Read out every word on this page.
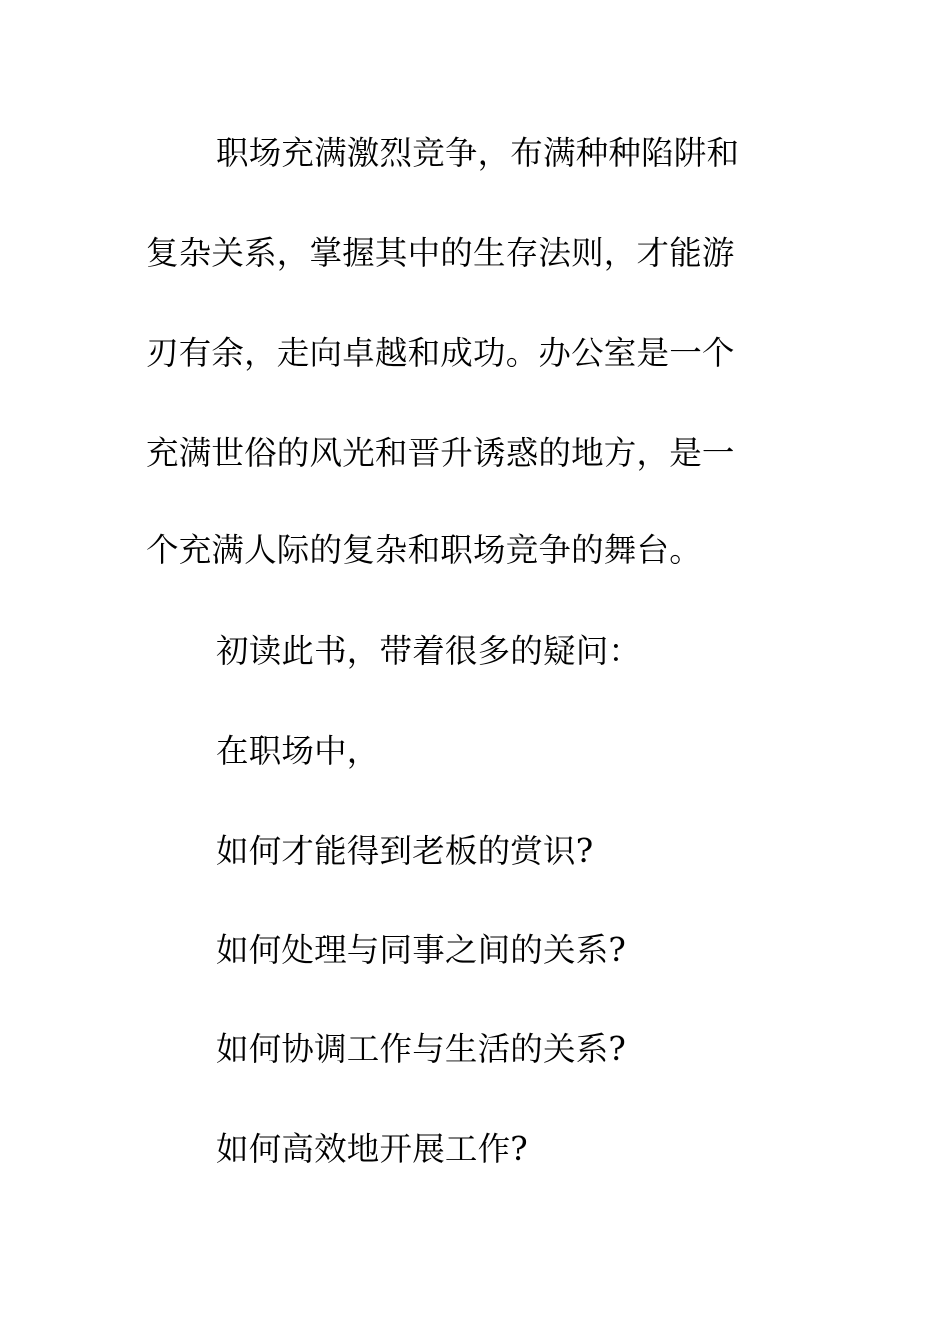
职场充满激烈竞争，布满种种陷阱和
复杂关系，掌握其中的生存法则，才能游
刃有余，走向卓越和成功。办公室是一个
充满世俗的风光和晋升诱惑的地方，是一
个充满人际的复杂和职场竞争的舞台。
初读此书，带着很多的疑问：
在职场中，
如何才能得到老板的赏识?
如何处理与同事之间的关系?
如何协调工作与生活的关系?
如何高效地开展工作?
